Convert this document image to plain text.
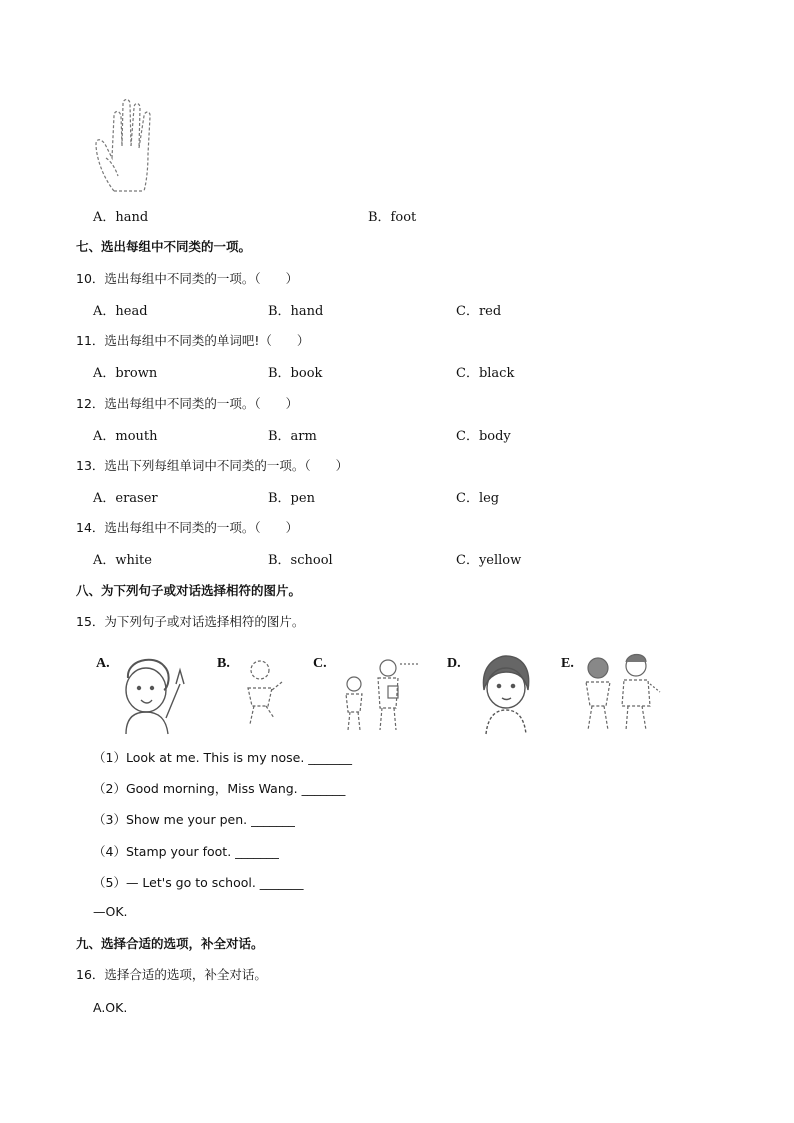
A．hand	B．foot
七、选出每组中不同类的一项。
10．选出每组中不同类的一项。（　　）
A．head	B．hand	C．red
11．选出每组中不同类的单词吧!（　　）
A．brown	B．book	C．black
12．选出每组中不同类的一项。（　　）
A．mouth	B．arm	C．body
13．选出下列每组单词中不同类的一项。（　　）
A．eraser	B．pen	C．leg
14．选出每组中不同类的一项。（　　）
A．white	B．school	C．yellow
八、为下列句子或对话选择相符的图片。
15．为下列句子或对话选择相符的图片。
A.	B.	C.	D.	E.
（1）Look at me. This is my nose. _______
（2）Good morning，Miss Wang. _______
（3）Show me your pen. _______
（4）Stamp your foot. _______
（5）— Let's go to school. _______
—OK.
九、选择合适的选项，补全对话。
16．选择合适的选项，补全对话。
A.OK.
